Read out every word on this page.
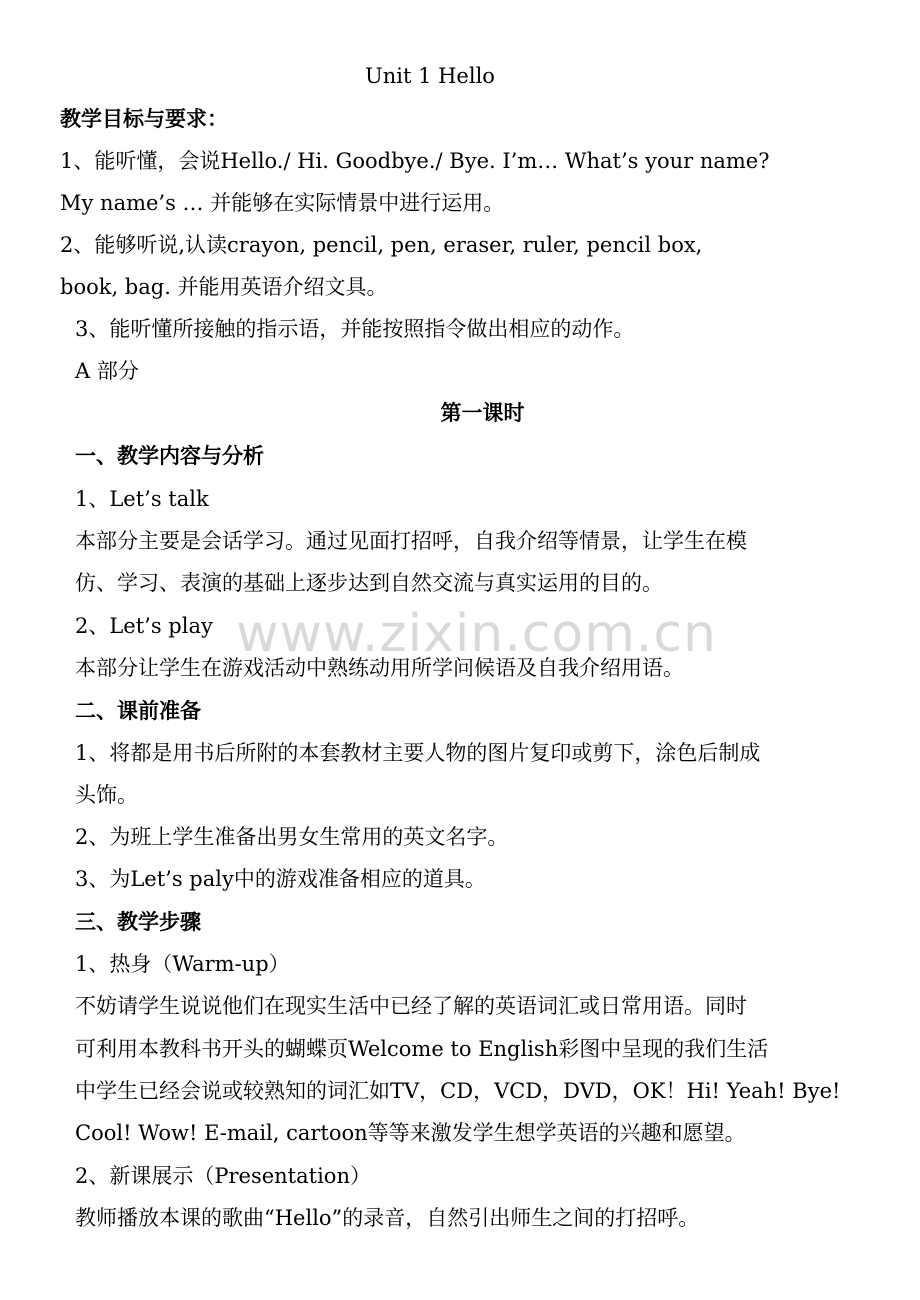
Unit 1 Hello
教学目标与要求：
1、能听懂，会说Hello./ Hi. Goodbye./ Bye. I’m… What’s your name?
My name’s … 并能够在实际情景中进行运用。
2、能够听说,认读crayon, pencil, pen, eraser, ruler, pencil box,
book, bag. 并能用英语介绍文具。
3、能听懂所接触的指示语，并能按照指令做出相应的动作。
A 部分
第一课时
一、教学内容与分析
1、Let’s talk
本部分主要是会话学习。通过见面打招呼，自我介绍等情景，让学生在模
仿、学习、表演的基础上逐步达到自然交流与真实运用的目的。
2、Let’s play
本部分让学生在游戏活动中熟练动用所学问候语及自我介绍用语。
二、课前准备
1、将都是用书后所附的本套教材主要人物的图片复印或剪下，涂色后制成
头饰。
2、为班上学生准备出男女生常用的英文名字。
3、为Let’s paly中的游戏准备相应的道具。
三、教学步骤
1、热身（Warm-up）
不妨请学生说说他们在现实生活中已经了解的英语词汇或日常用语。同时
可利用本教科书开头的蝴蝶页Welcome to English彩图中呈现的我们生活
中学生已经会说或较熟知的词汇如TV，CD，VCD，DVD，OK！Hi! Yeah! Bye!
Cool! Wow! E-mail, cartoon等等来激发学生想学英语的兴趣和愿望。
2、新课展示（Presentation）
教师播放本课的歌曲“Hello”的录音，自然引出师生之间的打招呼。
www.zixin.com.cn
